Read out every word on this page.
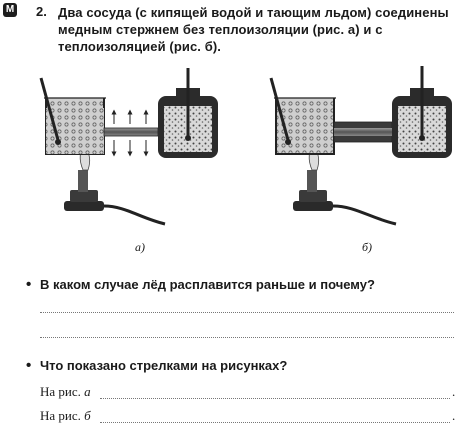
M 2. Два сосуда (с кипящей водой и тающим льдом) соединены медным стержнем без теплоизоляции (рис. а) и с теплоизоляцией (рис. б).
а)	б)
• В каком случае лёд расплавится раньше и почему?
• Что показано стрелками на рисунках?
На рис. а	.
На рис. б	.
